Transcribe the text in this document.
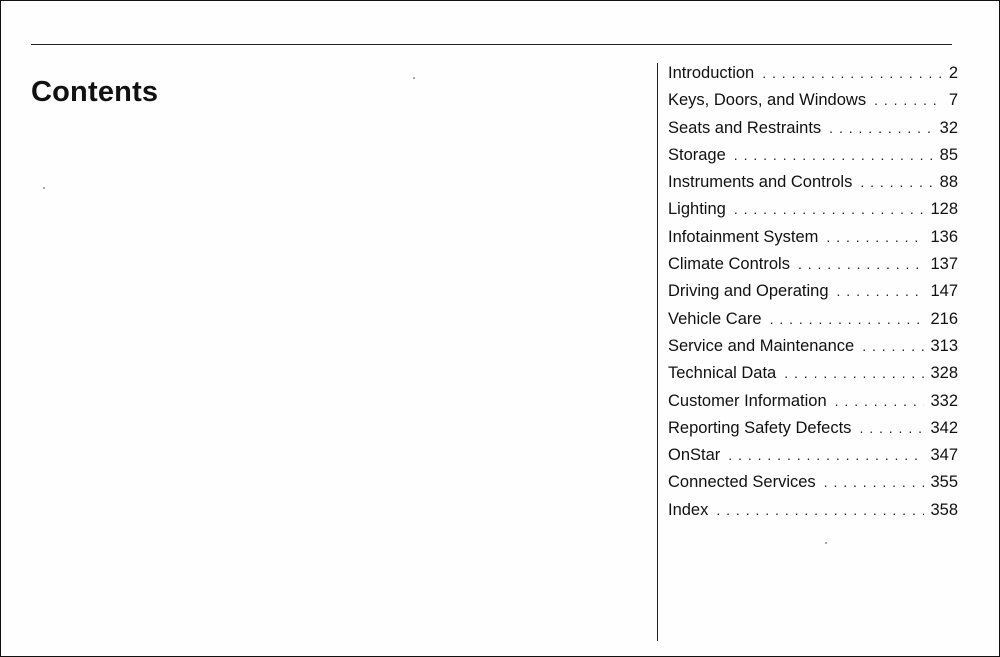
Contents
Introduction . . .	2
Keys, Doors, and Windows . . .	7
Seats and Restraints . . .	32
Storage . . .	85
Instruments and Controls . . .	88
Lighting . . .	128
Infotainment System . . .	136
Climate Controls . . .	137
Driving and Operating . . .	147
Vehicle Care . . .	216
Service and Maintenance . . .	313
Technical Data . . .	328
Customer Information . . .	332
Reporting Safety Defects . . .	342
OnStar . . .	347
Connected Services . . .	355
Index . . .	358
